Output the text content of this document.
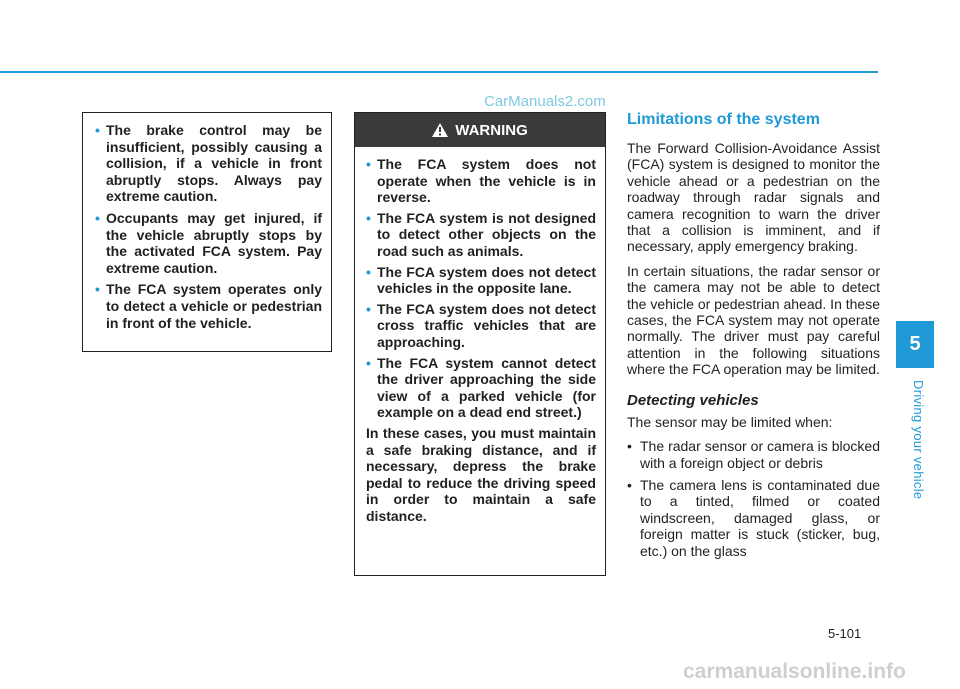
CarManuals2.com
• The brake control may be insufficient, possibly causing a collision, if a vehicle in front abruptly stops. Always pay extreme caution.
• Occupants may get injured, if the vehicle abruptly stops by the activated FCA system. Pay extreme caution.
• The FCA system operates only to detect a vehicle or pedestrian in front of the vehicle.
WARNING
• The FCA system does not operate when the vehicle is in reverse.
• The FCA system is not designed to detect other objects on the road such as animals.
• The FCA system does not detect vehicles in the opposite lane.
• The FCA system does not detect cross traffic vehicles that are approaching.
• The FCA system cannot detect the driver approaching the side view of a parked vehicle (for example on a dead end street.)

In these cases, you must maintain a safe braking distance, and if necessary, depress the brake pedal to reduce the driving speed in order to maintain a safe distance.

Limitations of the system

The Forward Collision-Avoidance Assist (FCA) system is designed to monitor the vehicle ahead or a pedestrian on the roadway through radar signals and camera recognition to warn the driver that a collision is imminent, and if necessary, apply emergency braking.

In certain situations, the radar sensor or the camera may not be able to detect the vehicle or pedestrian ahead. In these cases, the FCA system may not operate normally. The driver must pay careful attention in the following situations where the FCA operation may be limited.

Detecting vehicles

The sensor may be limited when:

• The radar sensor or camera is blocked with a foreign object or debris
• The camera lens is contaminated due to a tinted, filmed or coated windscreen, damaged glass, or foreign matter is stuck (sticker, bug, etc.) on the glass
5
Driving your vehicle
5-101
carmanualsonline.info
